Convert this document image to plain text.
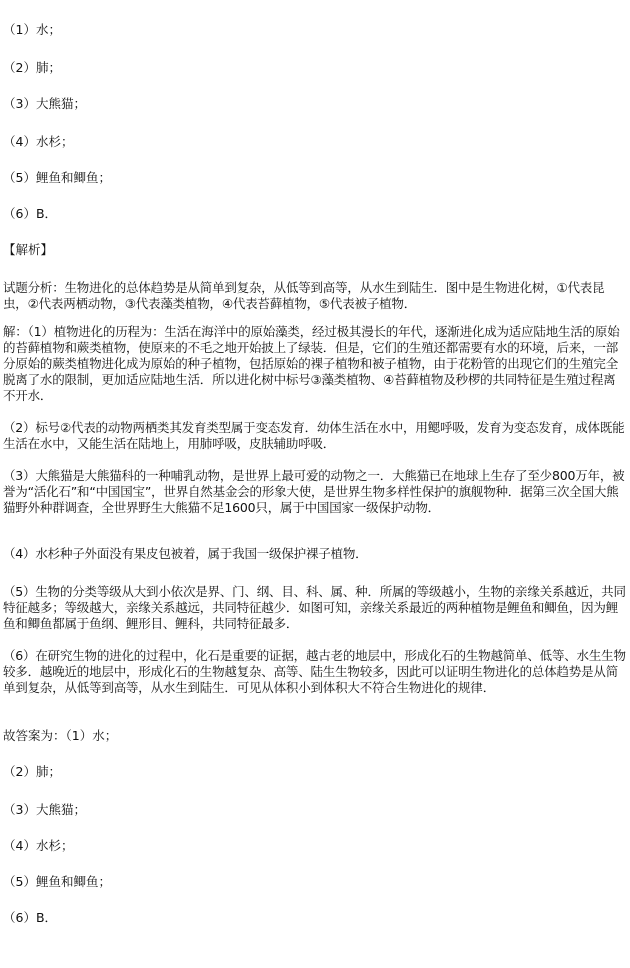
（1）水；
（2）肺；
（3）大熊猫；
（4）水杉；
（5）鲤鱼和鲫鱼；
（6）B．
【解析】
试题分析：生物进化的总体趋势是从简单到复杂，从低等到高等，从水生到陆生．图中是生物进化树，①代表昆虫，②代表两栖动物，③代表藻类植物，④代表苔藓植物，⑤代表被子植物．
解：（1）植物进化的历程为：生活在海洋中的原始藻类，经过极其漫长的年代，逐渐进化成为适应陆地生活的原始的苔藓植物和蕨类植物，使原来的不毛之地开始披上了绿装．但是，它们的生殖还都需要有水的环境，后来，一部分原始的蕨类植物进化成为原始的种子植物，包括原始的裸子植物和被子植物，由于花粉管的出现它们的生殖完全脱离了水的限制，更加适应陆地生活．所以进化树中标号③藻类植物、④苔藓植物及秒椤的共同特征是生殖过程离不开水．
（2）标号②代表的动物两栖类其发育类型属于变态发育．幼体生活在水中，用鳃呼吸，发育为变态发育，成体既能生活在水中，又能生活在陆地上，用肺呼吸，皮肤辅助呼吸．
（3）大熊猫是大熊猫科的一种哺乳动物，是世界上最可爱的动物之一．大熊猫已在地球上生存了至少800万年，被誉为“活化石”和“中国国宝”，世界自然基金会的形象大使，是世界生物多样性保护的旗舰物种．据第三次全国大熊猫野外种群调查，全世界野生大熊猫不足1600只，属于中国国家一级保护动物．
（4）水杉种子外面没有果皮包被着，属于我国一级保护裸子植物．
（5）生物的分类等级从大到小依次是界、门、纲、目、科、属、种．所属的等级越小，生物的亲缘关系越近，共同特征越多；等级越大，亲缘关系越远，共同特征越少．如图可知，亲缘关系最近的两种植物是鲤鱼和鲫鱼，因为鲤鱼和鲫鱼都属于鱼纲、鲤形目、鲤科，共同特征最多．
（6）在研究生物的进化的过程中，化石是重要的证据，越古老的地层中，形成化石的生物越简单、低等、水生生物较多．越晚近的地层中，形成化石的生物越复杂、高等、陆生生物较多，因此可以证明生物进化的总体趋势是从简单到复杂，从低等到高等，从水生到陆生．可见从体积小到体积大不符合生物进化的规律．
故答案为：（1）水；
（2）肺；
（3）大熊猫；
（4）水杉；
（5）鲤鱼和鲫鱼；
（6）B．
